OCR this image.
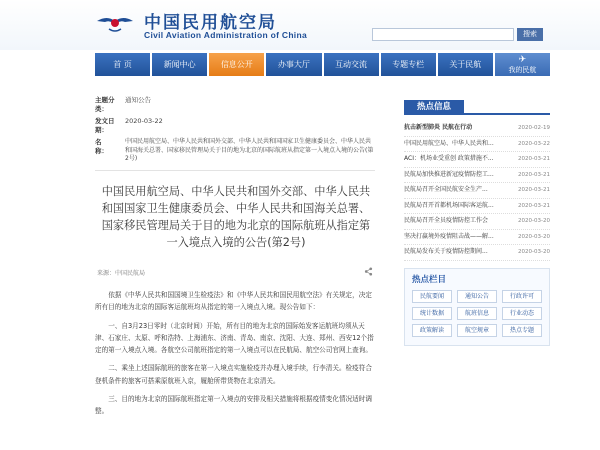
中国民用航空局
Civil Aviation Administration of China	搜索
首 页	新闻中心	信息公开	办事大厅	互动交流	专题专栏	关于民航	✈
我的民航
主题分类：
通知公告
发文日期：
2020-03-22
名　　称：
中国民用航空局、中华人民共和国外交部、中华人民共和国国家卫生健康委员会、中华人民共和国海关总署、国家移民管理局关于目的地为北京的国际航班从指定第一入境点入境的公告(第2号)
中国民用航空局、中华人民共和国外交部、中华人民共和国国家卫生健康委员会、中华人民共和国海关总署、国家移民管理局关于目的地为北京的国际航班从指定第一入境点入境的公告(第2号)
来源：中国民航局

依据《中华人民共和国国境卫生检疫法》和《中华人民共和国民用航空法》有关规定，决定所有目的地为北京的国际客运航班均从指定的第一入境点入境。现公告如下：

一、自3月23日零时（北京时间）开始，所有目的地为北京的国际始发客运航班均须从天津、石家庄、太原、呼和浩特、上海浦东、济南、青岛、南京、沈阳、大连、郑州、西安12个指定的第一入境点入境。各航空公司航班指定的第一入境点可以在民航局、航空公司官网上查询。

二、乘坐上述国际航班的旅客在第一入境点实施检疫并办理入境手续，行李清关。检疫符合登机条件的旅客可搭乘原航班入京，履舱所带货物在北京清关。

三、目的地为北京的国际航班指定第一入境点的安排及相关措施将根据疫情变化情况适时调整。

热点信息
抗击新型肺炎 民航在行动	2020-02-19
中国民用航空局、中华人民共和...	2020-03-22
ACI：机场业受重创 政策措施不...	2020-03-21
民航局加快推进新冠疫情防控工...	2020-03-21
民航局召开全国民航安全生产...	2020-03-21
民航局召开首都机场国际客运航...	2020-03-21
民航局召开全员疫情防控工作会	2020-03-20
坚决打赢境外疫情阻击战——解...	2020-03-20
民航局发布关于疫情防控期间...	2020-03-20
热点栏目
民航要闻	通知公告	行政许可
统计数据	航班信息	行业动态
政策解读	航空规章	热点专题
